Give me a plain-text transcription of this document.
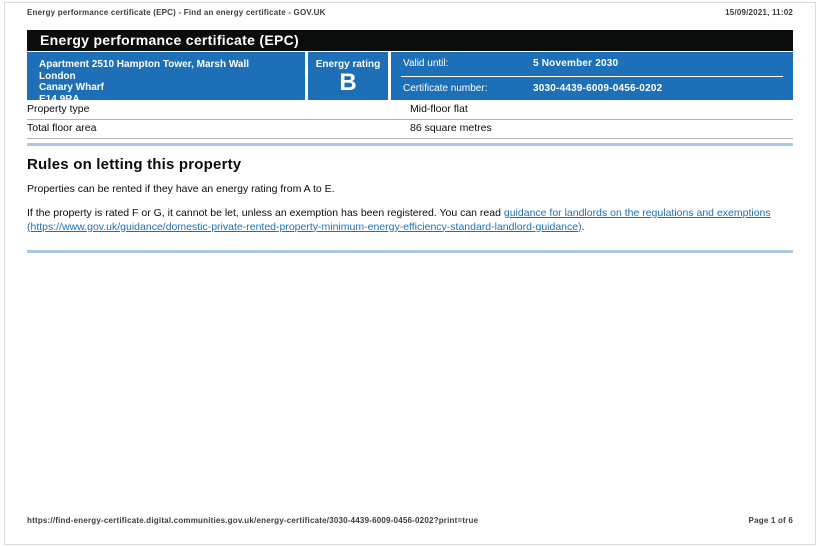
Energy performance certificate (EPC) - Find an energy certificate - GOV.UK	15/09/2021, 11:02
Energy performance certificate (EPC)
Apartment 2510 Hampton Tower, Marsh Wall
London
Canary Wharf
E14 9RA
Energy rating
B
Valid until:	5 November 2030
Certificate number:	3030-4439-6009-0456-0202
Property type	Mid-floor flat
Total floor area	86 square metres
Rules on letting this property

Properties can be rented if they have an energy rating from A to E.

If the property is rated F or G, it cannot be let, unless an exemption has been registered. You can read guidance for landlords on the regulations and exemptions (https://www.gov.uk/guidance/domestic-private-rented-property-minimum-energy-efficiency-standard-landlord-guidance).

https://find-energy-certificate.digital.communities.gov.uk/energy-certificate/3030-4439-6009-0456-0202?print=true	Page 1 of 6
